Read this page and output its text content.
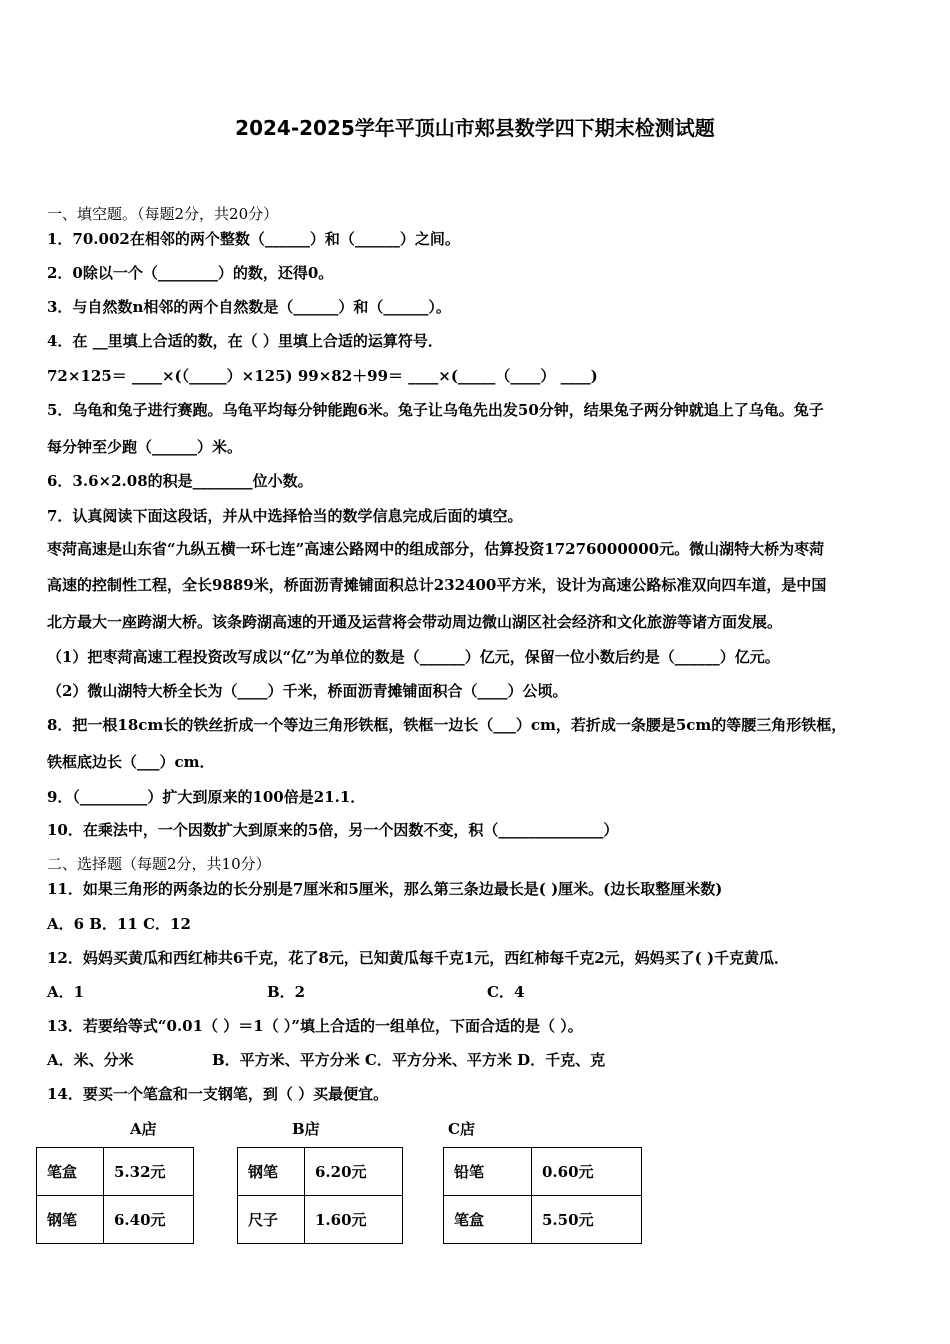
2024-2025学年平顶山市郏县数学四下期末检测试题
一、填空题。（每题2分，共20分）
1．70.002在相邻的两个整数（______）和（______）之间。
2．0除以一个（________）的数，还得0。
3．与自然数n相邻的两个自然数是（______）和（______）。
4．在 __里填上合适的数，在（ ）里填上合适的运算符号．
72×125＝ ____×(（_____）×125) 99×82＋99＝ ____×(_____（____） ____)
5．乌龟和兔子进行赛跑。乌龟平均每分钟能跑6米。兔子让乌龟先出发50分钟，结果兔子两分钟就追上了乌龟。兔子
每分钟至少跑（______）米。
6．3.6×2.08的积是________位小数。
7．认真阅读下面这段话，并从中选择恰当的数学信息完成后面的填空。
枣菏高速是山东省“九纵五横一环七连”高速公路网中的组成部分，估算投资17276000000元。微山湖特大桥为枣菏
高速的控制性工程，全长9889米，桥面沥青摊铺面积总计232400平方米，设计为高速公路标准双向四车道，是中国
北方最大一座跨湖大桥。该条跨湖高速的开通及运营将会带动周边微山湖区社会经济和文化旅游等诸方面发展。
（1）把枣菏高速工程投资改写成以“亿”为单位的数是（______）亿元，保留一位小数后约是（______）亿元。
（2）微山湖特大桥全长为（____）千米，桥面沥青摊铺面积合（____）公顷。
8．把一根18cm长的铁丝折成一个等边三角形铁框，铁框一边长（___）cm，若折成一条腰是5cm的等腰三角形铁框，
铁框底边长（___）cm．
9．（_________）扩大到原来的100倍是21.1．
10．在乘法中，一个因数扩大到原来的5倍，另一个因数不变，积（______________）
二、选择题（每题2分，共10分）
11．如果三角形的两条边的长分别是7厘米和5厘米，那么第三条边最长是( )厘米。(边长取整厘米数)
A．6 B．11 C．12
12．妈妈买黄瓜和西红柿共6千克，花了8元，已知黄瓜每千克1元，西红柿每千克2元，妈妈买了( )千克黄瓜．
A．1	B．2	C．4
13．若要给等式“0.01（ ）＝1（ ）”填上合适的一组单位，下面合适的是（ ）。
A．米、分米	B．平方米、平方分米 C．平方分米、平方米 D．千克、克
14．要买一个笔盒和一支钢笔，到（ ）买最便宜。
A店	B店	C店
笔盒	5.32元
钢笔	6.40元
钢笔	6.20元
尺子	1.60元
铅笔	0.60元
笔盒	5.50元
